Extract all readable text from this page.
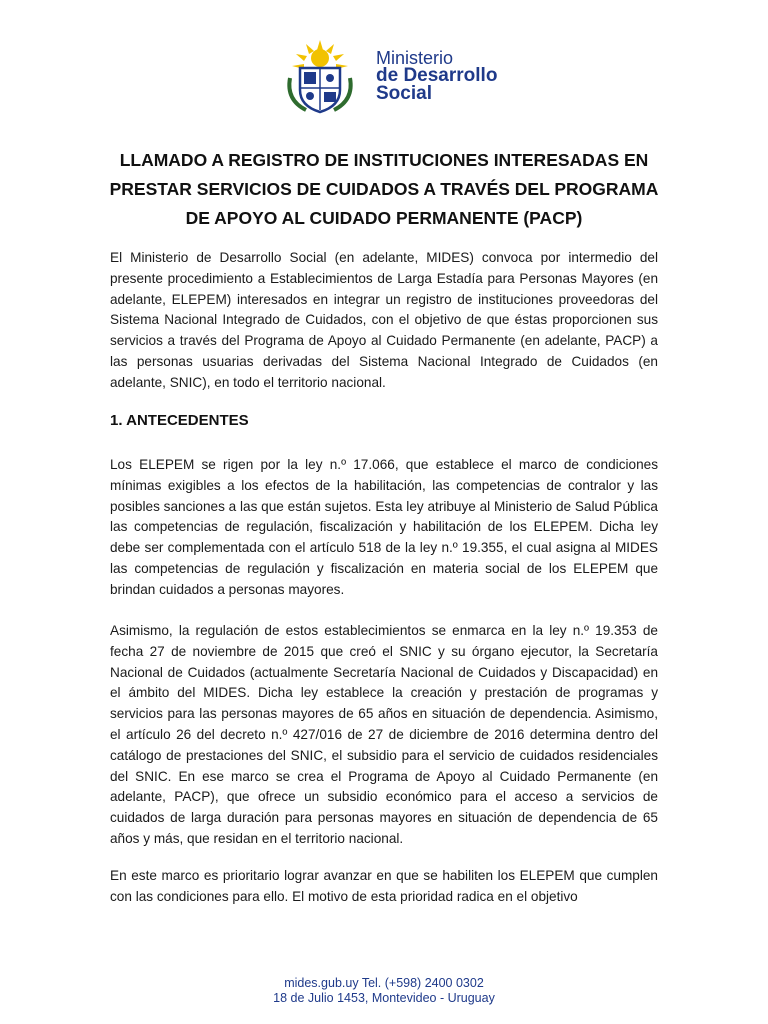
Ministerio
de Desarrollo
Social
LLAMADO A REGISTRO DE INSTITUCIONES INTERESADAS EN PRESTAR SERVICIOS DE CUIDADOS A TRAVÉS DEL PROGRAMA DE APOYO AL CUIDADO PERMANENTE (PACP)

El Ministerio de Desarrollo Social (en adelante, MIDES) convoca por intermedio del presente procedimiento a Establecimientos de Larga Estadía para Personas Mayores (en adelante, ELEPEM) interesados en integrar un registro de instituciones proveedoras del Sistema Nacional Integrado de Cuidados, con el objetivo de que éstas proporcionen sus servicios a través del Programa de Apoyo al Cuidado Permanente (en adelante, PACP) a las personas usuarias derivadas del Sistema Nacional Integrado de Cuidados (en adelante, SNIC), en todo el territorio nacional.

1. ANTECEDENTES

Los ELEPEM se rigen por la ley n.º 17.066, que establece el marco de condiciones mínimas exigibles a los efectos de la habilitación, las competencias de contralor y las posibles sanciones a las que están sujetos. Esta ley atribuye al Ministerio de Salud Pública las competencias de regulación, fiscalización y habilitación de los ELEPEM. Dicha ley debe ser complementada con el artículo 518 de la ley n.º 19.355, el cual asigna al MIDES las competencias de regulación y fiscalización en materia social de los ELEPEM que brindan cuidados a personas mayores.

Asimismo, la regulación de estos establecimientos se enmarca en la ley n.º 19.353 de fecha 27 de noviembre de 2015 que creó el SNIC y su órgano ejecutor, la Secretaría Nacional de Cuidados (actualmente Secretaría Nacional de Cuidados y Discapacidad) en el ámbito del MIDES. Dicha ley establece la creación y prestación de programas y servicios para las personas mayores de 65 años en situación de dependencia. Asimismo, el artículo 26 del decreto n.º 427/016 de 27 de diciembre de 2016 determina dentro del catálogo de prestaciones del SNIC, el subsidio para el servicio de cuidados residenciales del SNIC. En ese marco se crea el Programa de Apoyo al Cuidado Permanente (en adelante, PACP), que ofrece un subsidio económico para el acceso a servicios de cuidados de larga duración para personas mayores en situación de dependencia de 65 años y más, que residan en el territorio nacional.

En este marco es prioritario lograr avanzar en que se habiliten los ELEPEM que cumplen con las condiciones para ello. El motivo de esta prioridad radica en el objetivo

mides.gub.uy Tel. (+598) 2400 0302
18 de Julio 1453, Montevideo - Uruguay
